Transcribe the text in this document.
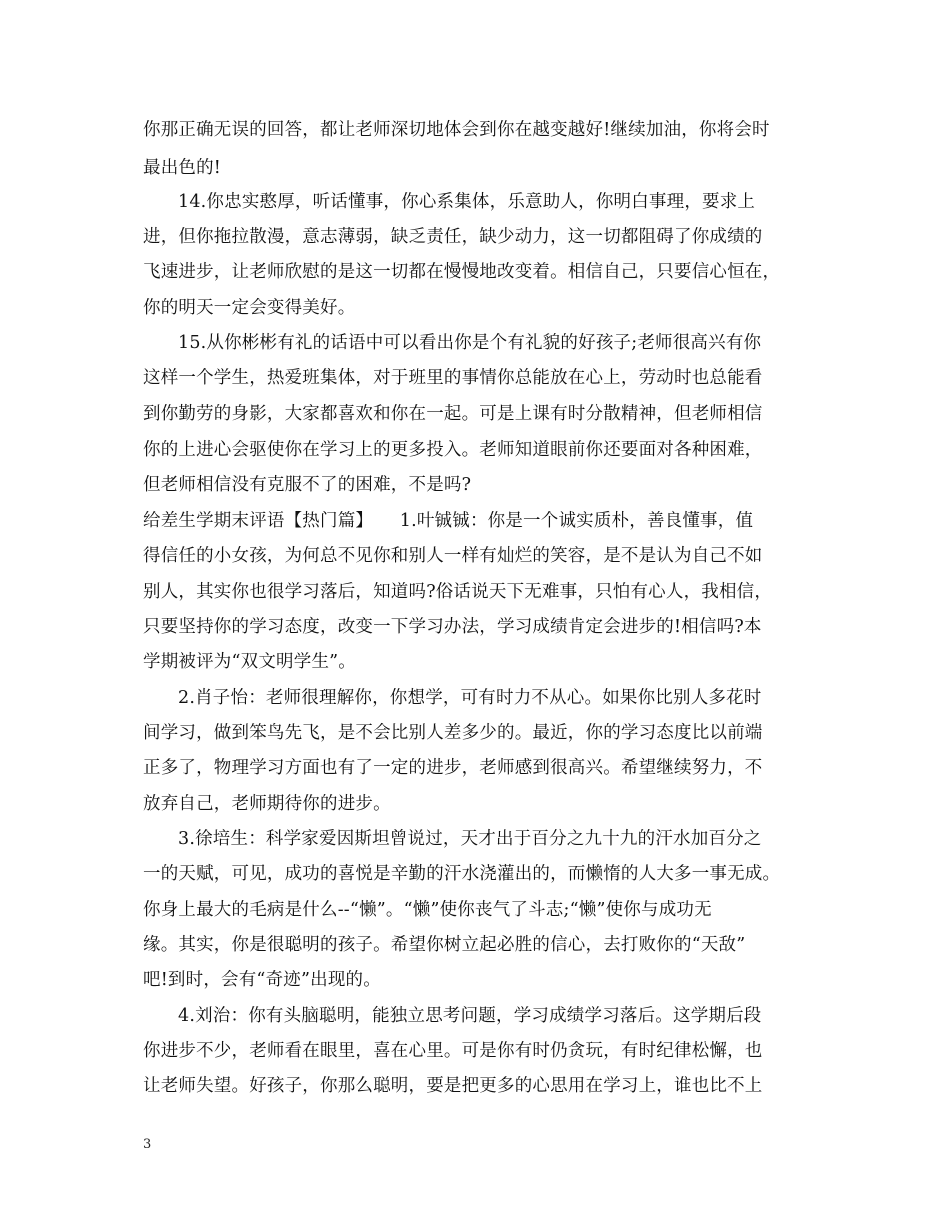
你那正确无误的回答，都让老师深切地体会到你在越变越好!继续加油，你将会时
最出色的!
14.你忠实憨厚，听话懂事，你心系集体，乐意助人，你明白事理，要求上
进，但你拖拉散漫，意志薄弱，缺乏责任，缺少动力，这一切都阻碍了你成绩的
飞速进步，让老师欣慰的是这一切都在慢慢地改变着。相信自己，只要信心恒在，
你的明天一定会变得美好。
15.从你彬彬有礼的话语中可以看出你是个有礼貌的好孩子;老师很高兴有你
这样一个学生，热爱班集体，对于班里的事情你总能放在心上，劳动时也总能看
到你勤劳的身影，大家都喜欢和你在一起。可是上课有时分散精神，但老师相信
你的上进心会驱使你在学习上的更多投入。老师知道眼前你还要面对各种困难，
但老师相信没有克服不了的困难，不是吗?
给差生学期末评语【热门篇】　　1.叶铖铖：你是一个诚实质朴，善良懂事，值
得信任的小女孩，为何总不见你和别人一样有灿烂的笑容，是不是认为自己不如
别人，其实你也很学习落后，知道吗?俗话说天下无难事，只怕有心人，我相信，
只要坚持你的学习态度，改变一下学习办法，学习成绩肯定会进步的!相信吗?本
学期被评为“双文明学生”。
2.肖子怡：老师很理解你，你想学，可有时力不从心。如果你比别人多花时
间学习，做到笨鸟先飞，是不会比别人差多少的。最近，你的学习态度比以前端
正多了，物理学习方面也有了一定的进步，老师感到很高兴。希望继续努力，不
放弃自己，老师期待你的进步。
3.徐培生：科学家爱因斯坦曾说过，天才出于百分之九十九的汗水加百分之
一的天赋，可见，成功的喜悦是辛勤的汗水浇灌出的，而懒惰的人大多一事无成。
你身上最大的毛病是什么--“懒”。“懒”使你丧气了斗志;“懒”使你与成功无
缘。其实，你是很聪明的孩子。希望你树立起必胜的信心，去打败你的“天敌”
吧!到时，会有“奇迹”出现的。
4.刘治：你有头脑聪明，能独立思考问题，学习成绩学习落后。这学期后段
你进步不少，老师看在眼里，喜在心里。可是你有时仍贪玩，有时纪律松懈，也
让老师失望。好孩子，你那么聪明，要是把更多的心思用在学习上，谁也比不上
3
